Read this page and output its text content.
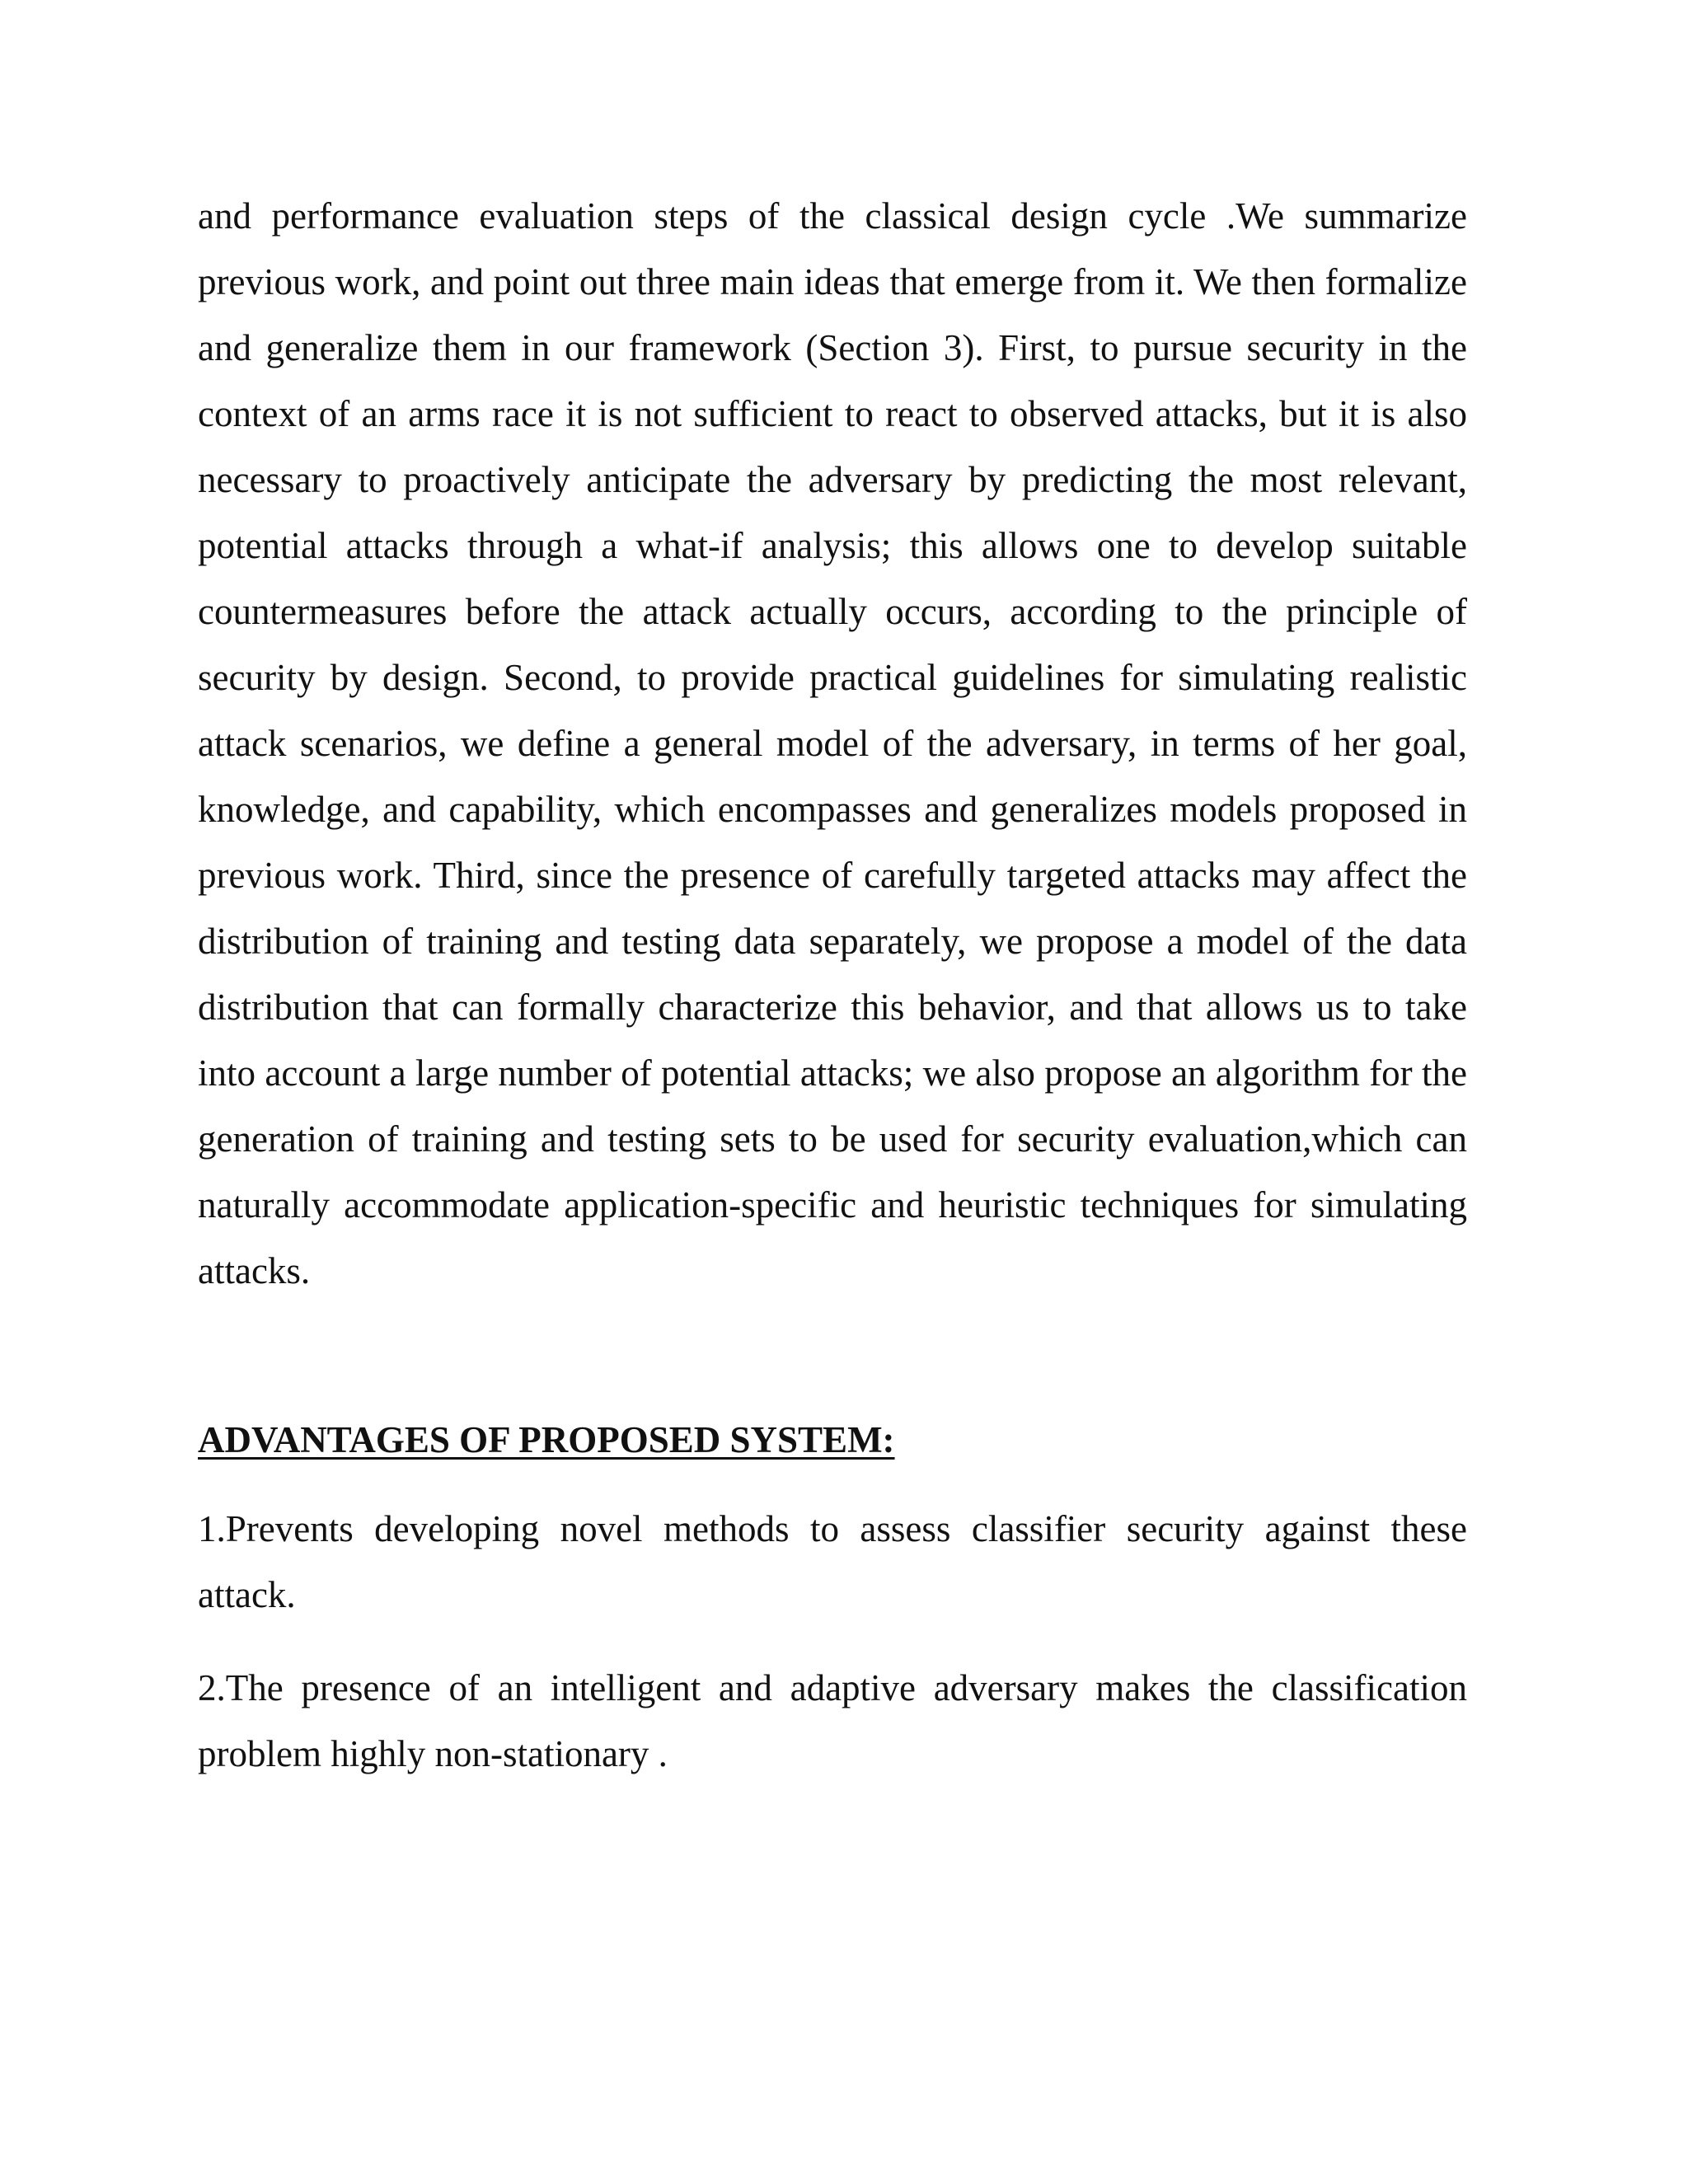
and performance evaluation steps of the classical design cycle .We summarize previous work, and point out three main ideas that emerge from it. We then formalize and generalize them in our framework (Section 3). First, to pursue security in the context of an arms race it is not sufficient to react to observed attacks, but it is also necessary to proactively anticipate the adversary by predicting the most relevant, potential attacks through a what-if analysis; this allows one to develop suitable countermeasures before the attack actually occurs, according to the principle of security by design. Second, to provide practical guidelines for simulating realistic attack scenarios, we define a general model of the adversary, in terms of her goal, knowledge, and capability, which encompasses and generalizes models proposed in previous work. Third, since the presence of carefully targeted attacks may affect the distribution of training and testing data separately, we propose a model of the data distribution that can formally characterize this behavior, and that allows us to take into account a large number of potential attacks; we also propose an algorithm for the generation of training and testing sets to be used for security evaluation,which can naturally accommodate application-specific and heuristic techniques for simulating attacks.

ADVANTAGES OF PROPOSED SYSTEM:

1.Prevents developing novel methods to assess classifier security against these attack.

2.The presence of an intelligent and adaptive adversary makes the classification problem highly non-stationary .
